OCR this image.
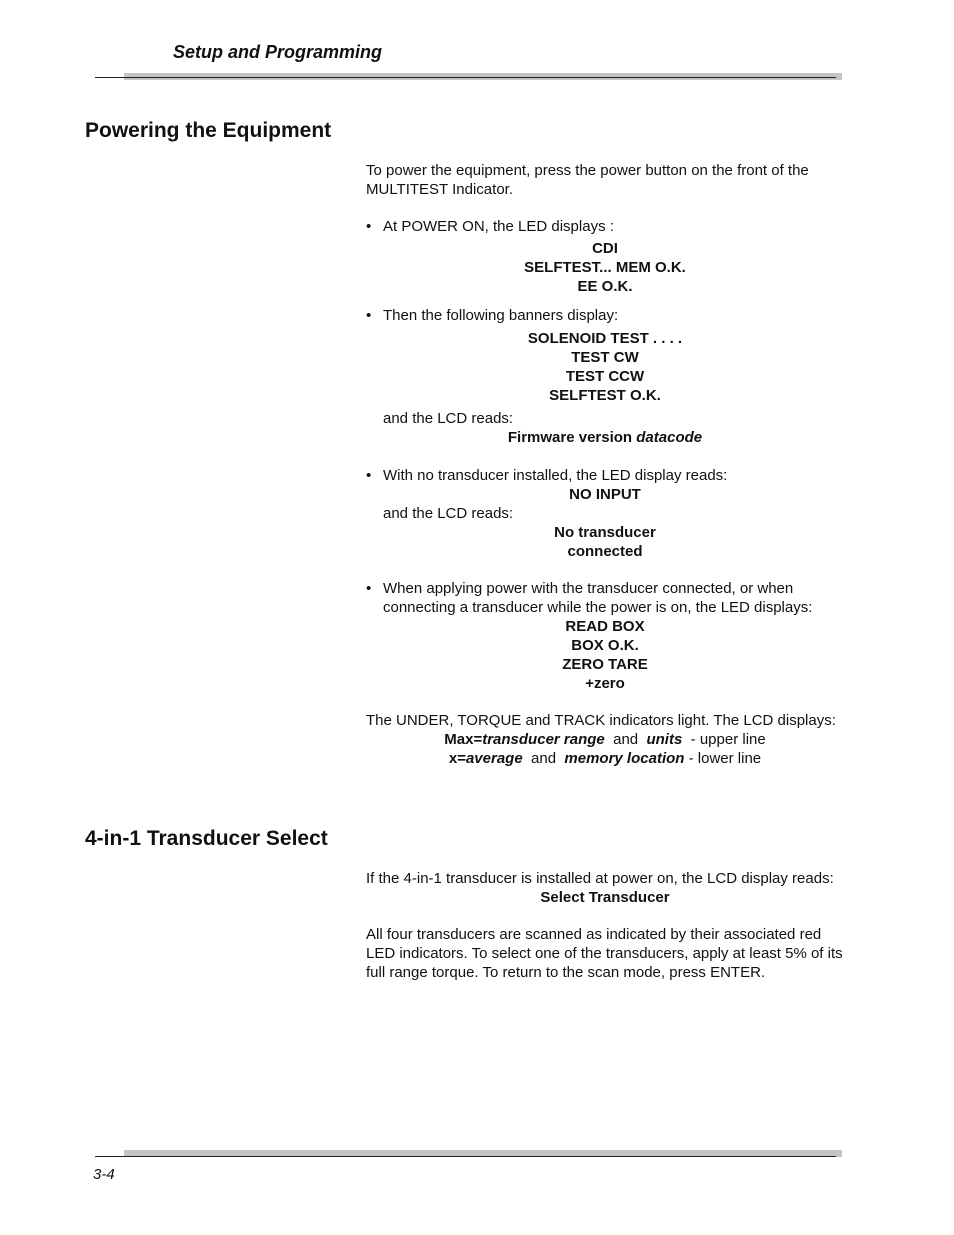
Setup and Programming
Powering the Equipment

To power the equipment, press the power button on the front of the MULTITEST Indicator.

• At POWER ON, the LED displays :

CDI

SELFTEST... MEM O.K.

EE O.K.

• Then the following banners display:

SOLENOID TEST . . . .

TEST CW

TEST CCW

SELFTEST O.K.

and the LCD reads:

Firmware version datacode

• With no transducer installed, the LED display reads:

NO INPUT

and the LCD reads:

No transducer

connected

• When applying power with the transducer connected, or when connecting a transducer while the power is on, the LED displays:

READ BOX

BOX O.K.

ZERO TARE

+zero

The UNDER, TORQUE and TRACK indicators light. The LCD displays:

Max=transducer range and units - upper line

x=average and memory location - lower line

4-in-1 Transducer Select

If the 4-in-1 transducer is installed at power on, the LCD display reads:

Select Transducer

All four transducers are scanned as indicated by their associated red LED indicators. To select one of the transducers, apply at least 5% of its full range torque. To return to the scan mode, press ENTER.

3-4
